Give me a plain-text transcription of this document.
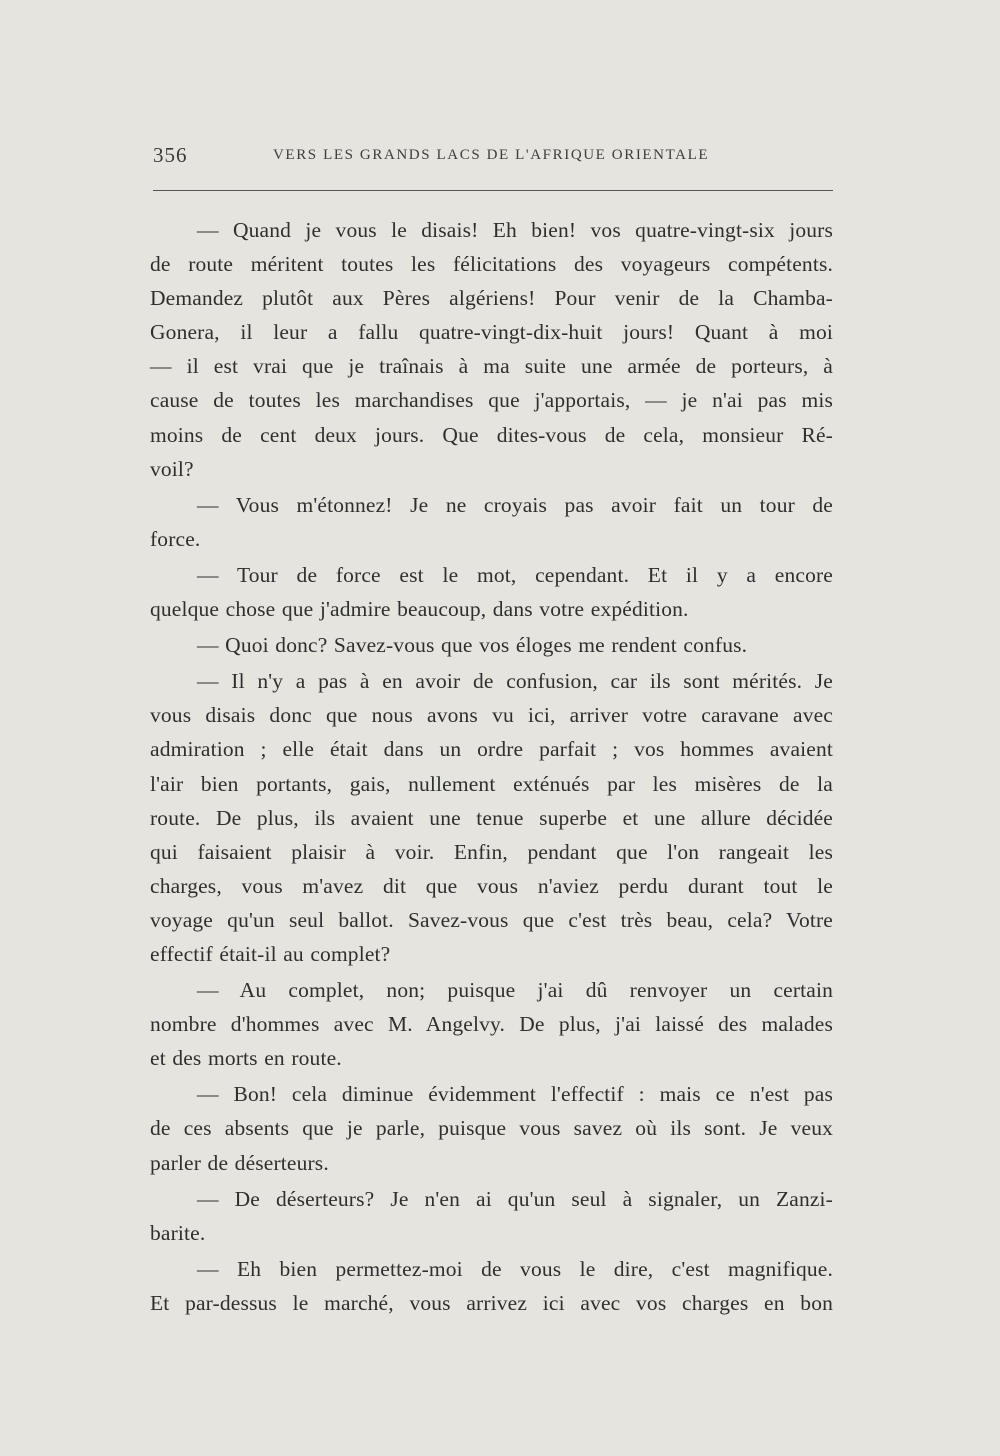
356	VERS LES GRANDS LACS DE L'AFRIQUE ORIENTALE
— Quand je vous le disais! Eh bien! vos quatre-vingt-six jours
de route méritent toutes les félicitations des voyageurs compétents.
Demandez plutôt aux Pères algériens! Pour venir de la Chamba-
Gonera, il leur a fallu quatre-vingt-dix-huit jours! Quant à moi
— il est vrai que je traînais à ma suite une armée de porteurs, à
cause de toutes les marchandises que j'apportais, — je n'ai pas mis
moins de cent deux jours. Que dites-vous de cela, monsieur Ré-
voil?
— Vous m'étonnez! Je ne croyais pas avoir fait un tour de
force.
— Tour de force est le mot, cependant. Et il y a encore
quelque chose que j'admire beaucoup, dans votre expédition.
— Quoi donc? Savez-vous que vos éloges me rendent confus.
— Il n'y a pas à en avoir de confusion, car ils sont mérités. Je
vous disais donc que nous avons vu ici, arriver votre caravane avec
admiration ; elle était dans un ordre parfait ; vos hommes avaient
l'air bien portants, gais, nullement exténués par les misères de la
route. De plus, ils avaient une tenue superbe et une allure décidée
qui faisaient plaisir à voir. Enfin, pendant que l'on rangeait les
charges, vous m'avez dit que vous n'aviez perdu durant tout le
voyage qu'un seul ballot. Savez-vous que c'est très beau, cela? Votre
effectif était-il au complet?
— Au complet, non; puisque j'ai dû renvoyer un certain
nombre d'hommes avec M. Angelvy. De plus, j'ai laissé des malades
et des morts en route.
— Bon! cela diminue évidemment l'effectif : mais ce n'est pas
de ces absents que je parle, puisque vous savez où ils sont. Je veux
parler de déserteurs.
— De déserteurs? Je n'en ai qu'un seul à signaler, un Zanzi-
barite.
— Eh bien permettez-moi de vous le dire, c'est magnifique.
Et par-dessus le marché, vous arrivez ici avec vos charges en bon
